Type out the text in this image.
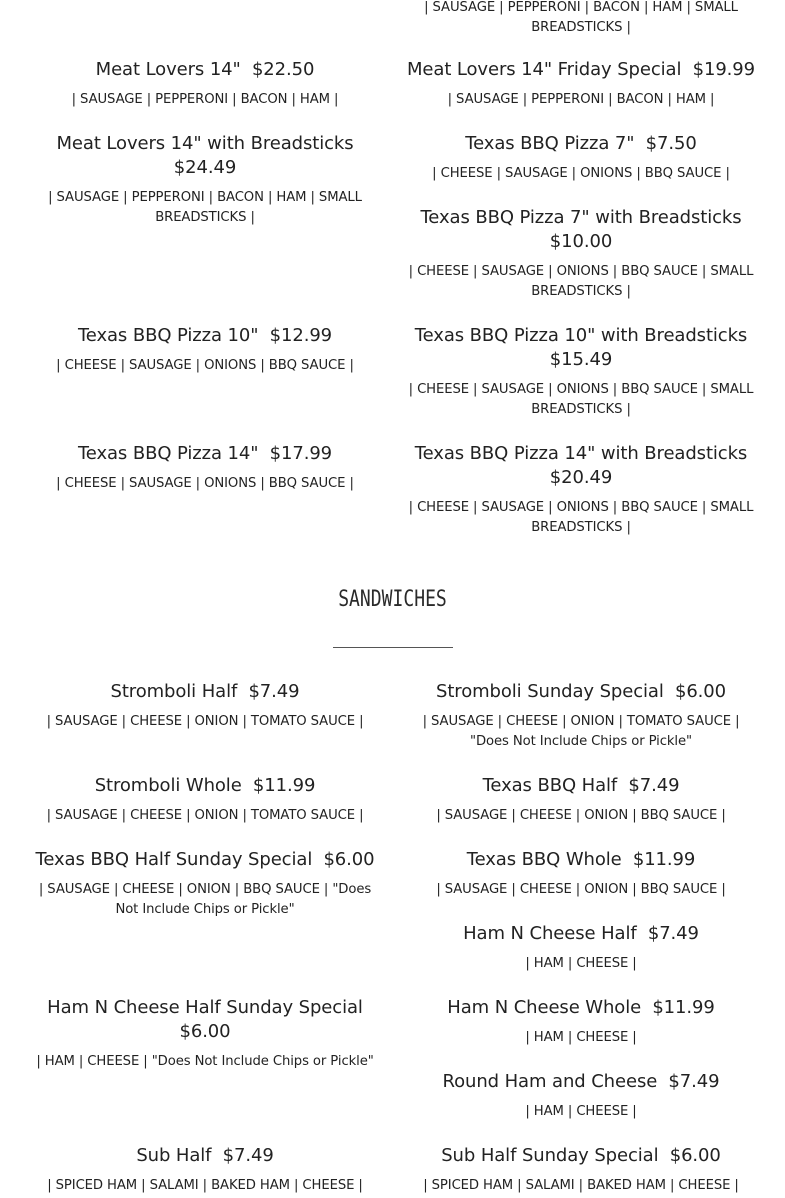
| SAUSAGE | PEPPERONI | BACON | HAM | SMALL BREADSTICKS |
Meat Lovers 14"  $22.50
| SAUSAGE | PEPPERONI | BACON | HAM |
Meat Lovers 14" Friday Special  $19.99
| SAUSAGE | PEPPERONI | BACON | HAM |
Meat Lovers 14" with Breadsticks  $24.49
| SAUSAGE | PEPPERONI | BACON | HAM | SMALL BREADSTICKS |
Texas BBQ Pizza 7"  $7.50
| CHEESE | SAUSAGE | ONIONS | BBQ SAUCE |
Texas BBQ Pizza 7" with Breadsticks  $10.00
| CHEESE | SAUSAGE | ONIONS | BBQ SAUCE | SMALL BREADSTICKS |
Texas BBQ Pizza 10"  $12.99
| CHEESE | SAUSAGE | ONIONS | BBQ SAUCE |
Texas BBQ Pizza 10" with Breadsticks  $15.49
| CHEESE | SAUSAGE | ONIONS | BBQ SAUCE | SMALL BREADSTICKS |
Texas BBQ Pizza 14"  $17.99
| CHEESE | SAUSAGE | ONIONS | BBQ SAUCE |
Texas BBQ Pizza 14" with Breadsticks  $20.49
| CHEESE | SAUSAGE | ONIONS | BBQ SAUCE | SMALL BREADSTICKS |
SANDWICHES
Stromboli Half  $7.49
| SAUSAGE | CHEESE | ONION | TOMATO SAUCE |
Stromboli Sunday Special  $6.00
| SAUSAGE | CHEESE | ONION | TOMATO SAUCE | "Does Not Include Chips or Pickle"
Stromboli Whole  $11.99
| SAUSAGE | CHEESE | ONION | TOMATO SAUCE |
Texas BBQ Half  $7.49
| SAUSAGE | CHEESE | ONION | BBQ SAUCE |
Texas BBQ Half Sunday Special  $6.00
| SAUSAGE | CHEESE | ONION | BBQ SAUCE | "Does Not Include Chips or Pickle"
Texas BBQ Whole  $11.99
| SAUSAGE | CHEESE | ONION | BBQ SAUCE |
Ham N Cheese Half  $7.49
| HAM | CHEESE |
Ham N Cheese Half Sunday Special  $6.00
| HAM | CHEESE | "Does Not Include Chips or Pickle"
Ham N Cheese Whole  $11.99
| HAM | CHEESE |
Round Ham and Cheese  $7.49
| HAM | CHEESE |
Sub Half  $7.49
| SPICED HAM | SALAMI | BAKED HAM | CHEESE |
Sub Half Sunday Special  $6.00
| SPICED HAM | SALAMI | BAKED HAM | CHEESE |
